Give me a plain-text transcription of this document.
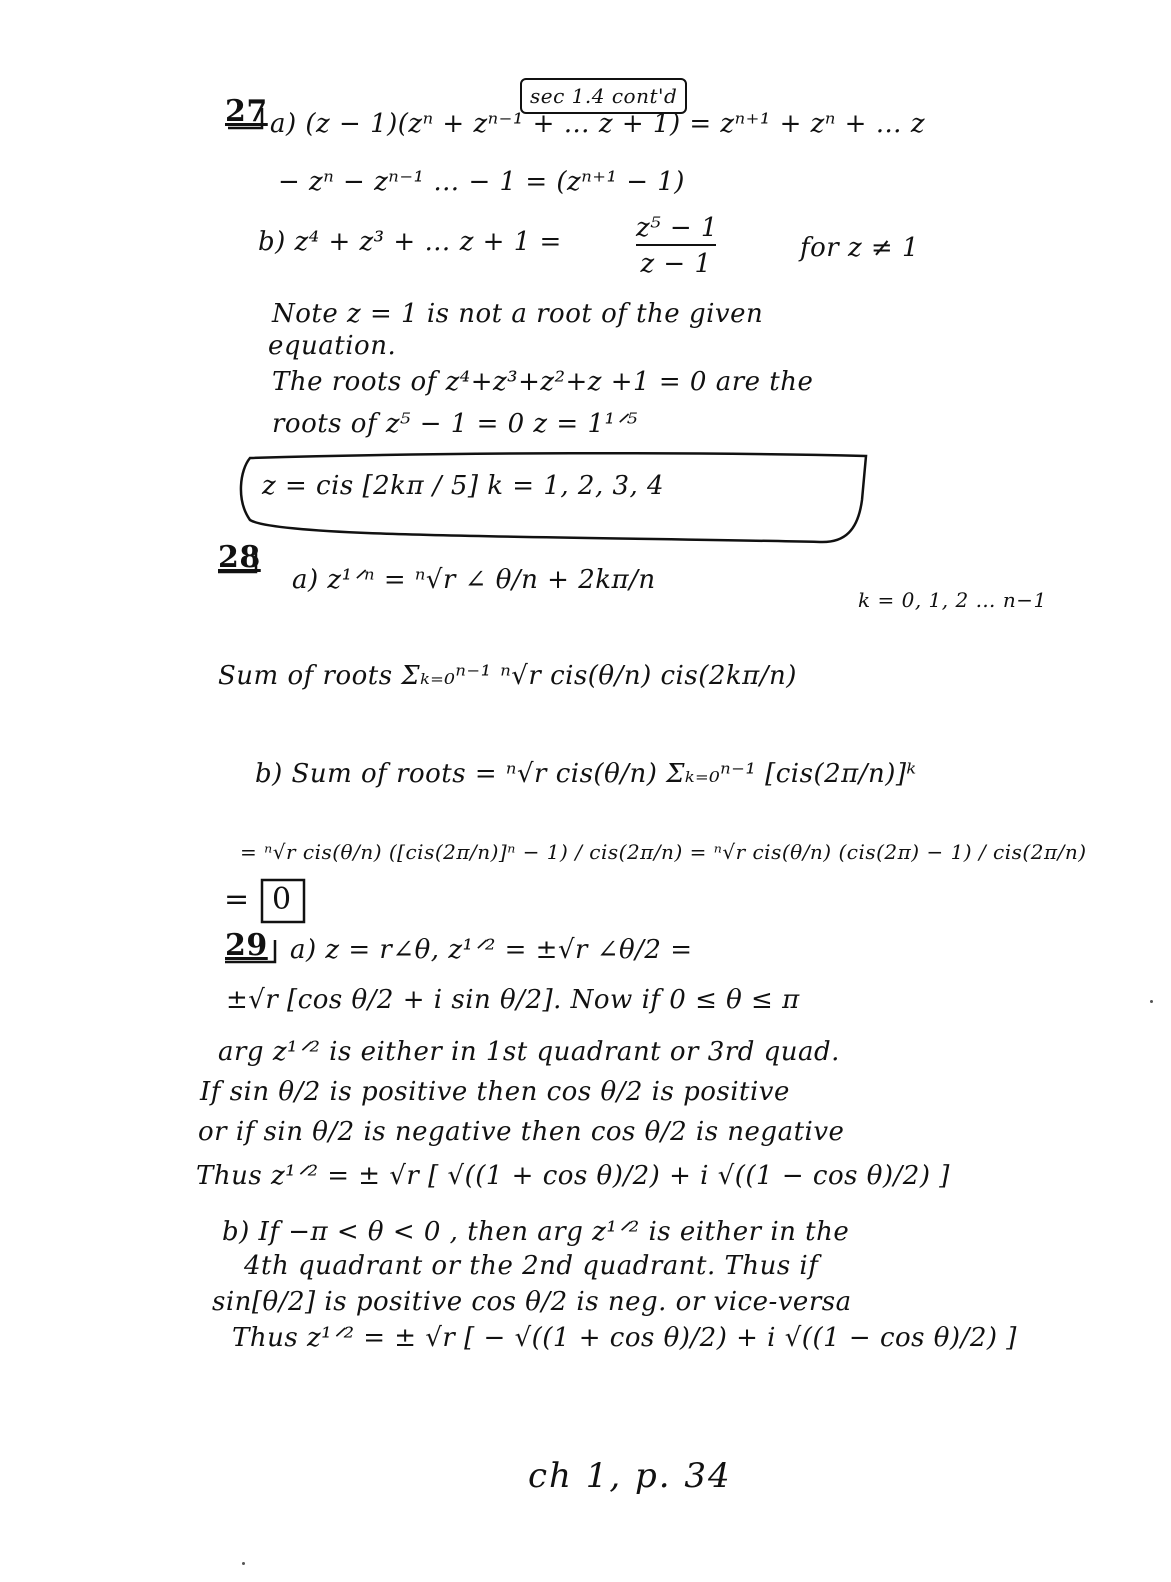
sec 1.4 cont'd
27 a) (z − 1)(zⁿ + zⁿ⁻¹ + … z + 1) = zⁿ⁺¹ + zⁿ + … z
− zⁿ − zⁿ⁻¹ … − 1 = (zⁿ⁺¹ − 1)
b) z⁴ + z³ + … z + 1 =	z⁵ − 1
z − 1
for z ≠ 1
Note z = 1 is not a root of the given
equation.
The roots of z⁴+z³+z²+z +1 = 0 are the
roots of z⁵ − 1 = 0 z = 1¹ᐟ⁵
z = cis [2kπ / 5] k = 1, 2, 3, 4
28
a) z¹ᐟⁿ = ⁿ√r ∠ θ/n + 2kπ/n
k = 0, 1, 2 … n−1
Sum of roots Σₖ₌₀ⁿ⁻¹ ⁿ√r cis(θ/n) cis(2kπ/n)
b) Sum of roots = ⁿ√r cis(θ/n) Σₖ₌₀ⁿ⁻¹ [cis(2π/n)]ᵏ
= ⁿ√r cis(θ/n) ([cis(2π/n)]ⁿ − 1) / cis(2π/n) = ⁿ√r cis(θ/n) (cis(2π) − 1) / cis(2π/n)
= 0
29 a) z = r∠θ, z¹ᐟ² = ±√r ∠θ/2 =
±√r [cos θ/2 + i sin θ/2]. Now if 0 ≤ θ ≤ π
arg z¹ᐟ² is either in 1st quadrant or 3rd quad.
If sin θ/2 is positive then cos θ/2 is positive
or if sin θ/2 is negative then cos θ/2 is negative
Thus z¹ᐟ² = ± √r [ √((1 + cos θ)/2) + i √((1 − cos θ)/2) ]
b) If −π < θ < 0 , then arg z¹ᐟ² is either in the
4th quadrant or the 2nd quadrant. Thus if
sin[θ/2] is positive cos θ/2 is neg. or vice-versa
Thus z¹ᐟ² = ± √r [ − √((1 + cos θ)/2) + i √((1 − cos θ)/2) ]
ch 1, p. 34
